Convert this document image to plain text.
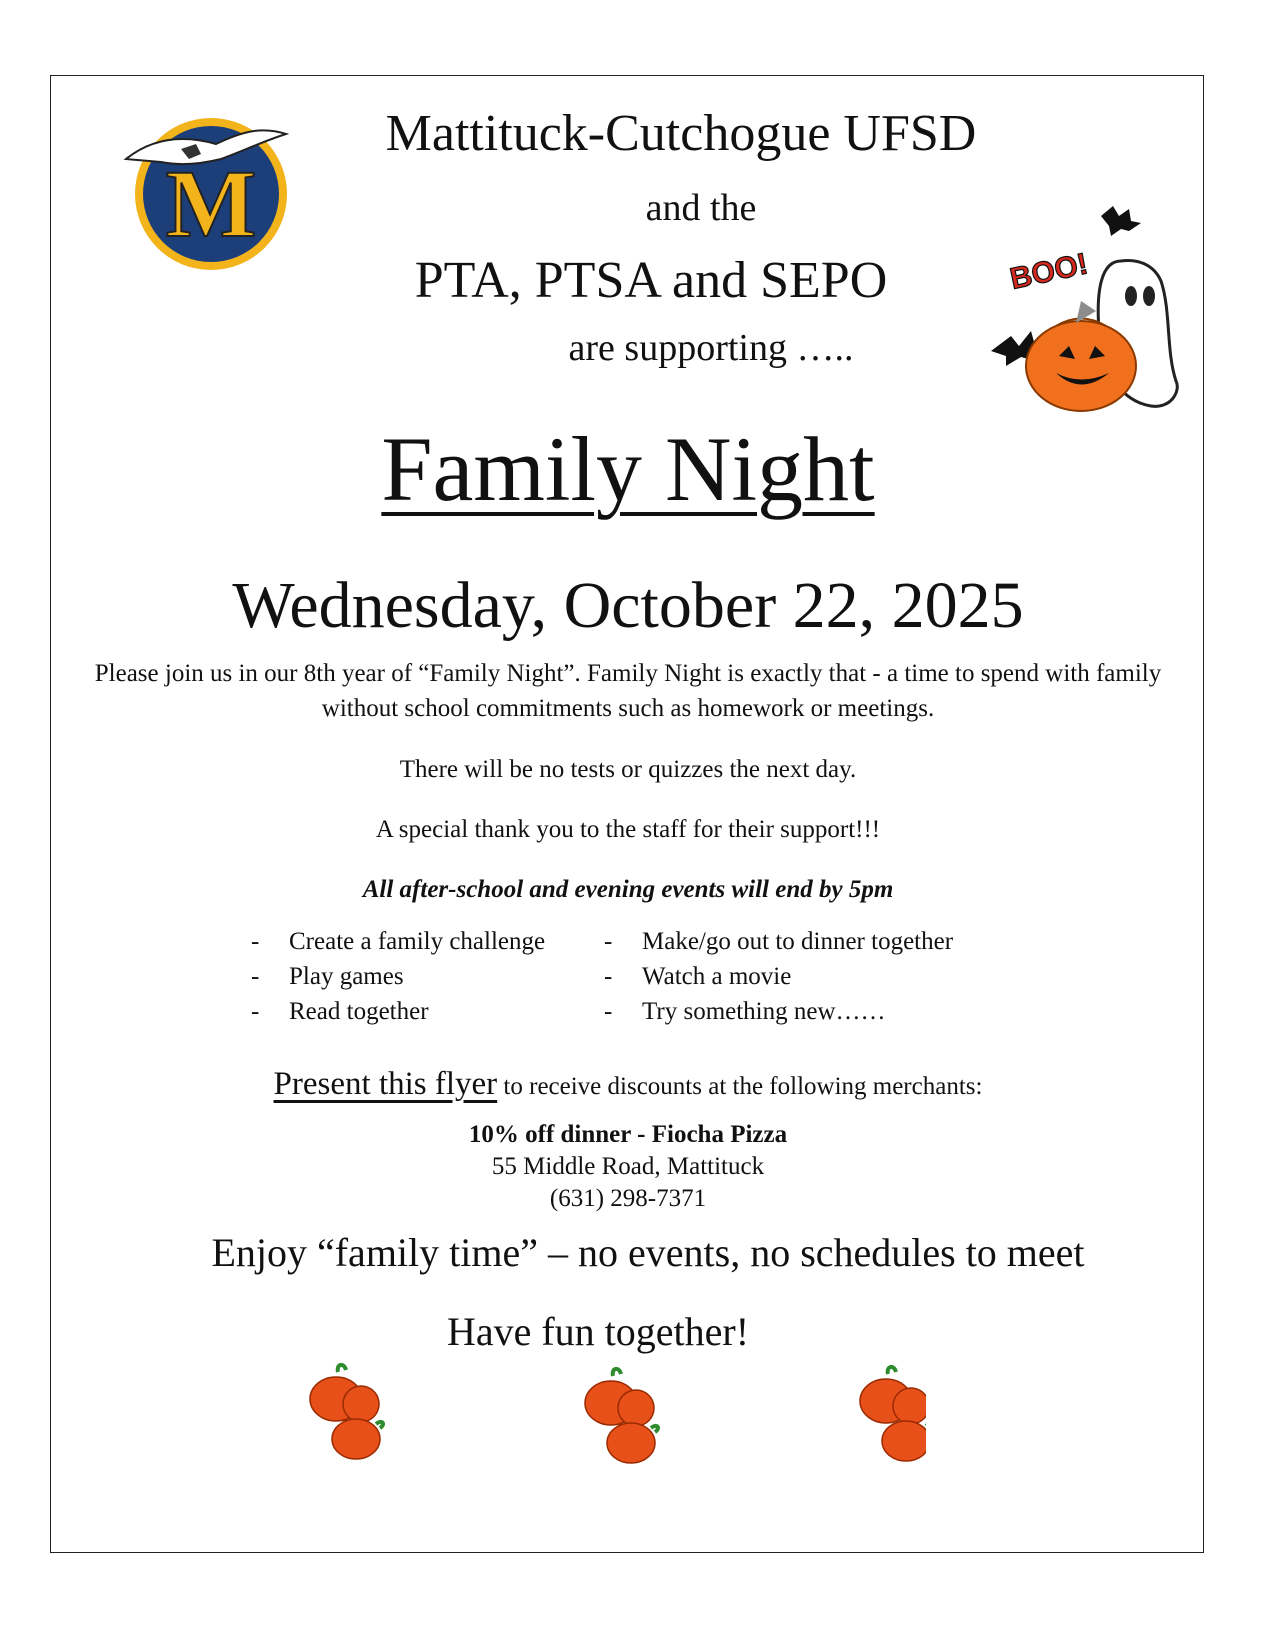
M
Mattituck-Cutchogue UFSD
and the
PTA, PTSA and SEPO
are supporting …..
BOO!
Family Night
Wednesday, October 22, 2025
Please join us in our 8th year of “Family Night”. Family Night is exactly that - a time to spend with family without school commitments such as homework or meetings.
There will be no tests or quizzes the next day.
A special thank you to the staff for their support!!!
All after-school and evening events will end by 5pm
-	Create a family challenge
-	Play games
-	Read together
-	Make/go out to dinner together
-	Watch a movie
-	Try something new……
Present this flyer to receive discounts at the following merchants:
10% off dinner - Fiocha Pizza
55 Middle Road, Mattituck
(631) 298-7371
Enjoy “family time” – no events, no schedules to meet
Have fun together!
